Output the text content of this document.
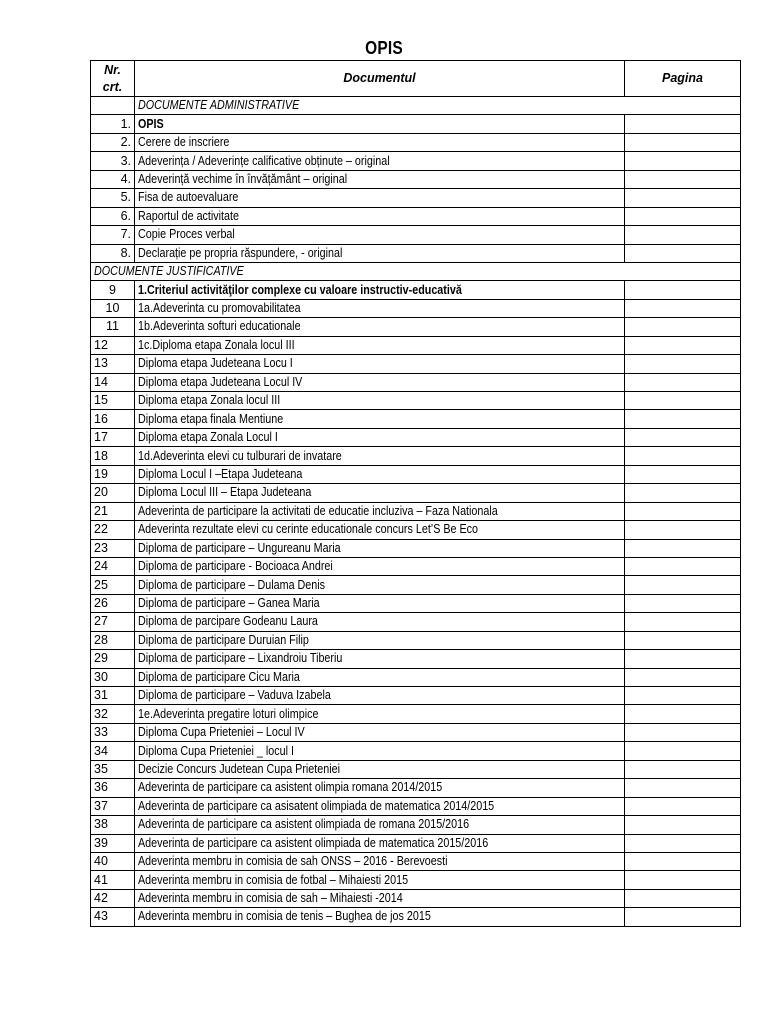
OPIS
Nr. crt.	Documentul	Pagina
	DOCUMENTE ADMINISTRATIVE	
1.	OPIS	
2.	Cerere de inscriere	
3.	Adeverința / Adeverințe calificative obținute – original	
4.	Adeverință vechime în învățământ – original	
5.	Fisa de autoevaluare	
6.	Raportul de activitate	
7.	Copie Proces verbal	
8.	Declarație pe propria răspundere, - original	
DOCUMENTE JUSTIFICATIVE		
9	1.Criteriul activităţilor complexe cu valoare instructiv-educativă	
10	1a.Adeverinta cu promovabilitatea	
11	1b.Adeverinta softuri educationale	
12	1c.Diploma etapa Zonala locul III	
13	Diploma etapa Judeteana Locu I	
14	Diploma etapa Judeteana Locul IV	
15	Diploma etapa Zonala locul III	
16	Diploma etapa finala Mentiune	
17	Diploma etapa Zonala Locul I	
18	1d.Adeverinta elevi cu tulburari de invatare	
19	Diploma Locul I –Etapa Judeteana	
20	Diploma Locul III – Etapa Judeteana	
21	Adeverinta de participare la activitati de educatie incluziva – Faza Nationala	
22	Adeverinta rezultate elevi cu cerinte educationale concurs Let’S Be Eco	
23	Diploma de participare – Ungureanu Maria	
24	Diploma de participare - Bocioaca Andrei	
25	Diploma de participare – Dulama Denis	
26	Diploma de participare – Ganea Maria	
27	Diploma de parcipare Godeanu Laura	
28	Diploma de participare Duruian Filip	
29	Diploma de participare – Lixandroiu Tiberiu	
30	Diploma de participare Cicu Maria	
31	Diploma de participare – Vaduva Izabela	
32	1e.Adeverinta pregatire loturi olimpice	
33	Diploma Cupa Prieteniei – Locul IV	
34	Diploma Cupa Prieteniei _ locul I	
35	Decizie Concurs Judetean Cupa Prieteniei	
36	Adeverinta de participare ca asistent olimpia romana 2014/2015	
37	Adeverinta de participare ca asisatent olimpiada de matematica 2014/2015	
38	Adeverinta de participare ca asistent olimpiada de romana 2015/2016	
39	Adeverinta de participare ca asistent olimpiada de matematica 2015/2016	
40	Adeverinta membru in comisia de sah ONSS – 2016 - Berevoesti	
41	Adeverinta membru in comisia de fotbal – Mihaiesti 2015	
42	Adeverinta membru in comisia de sah – Mihaiesti -2014	
43	Adeverinta membru in comisia de tenis – Bughea de jos 2015	
